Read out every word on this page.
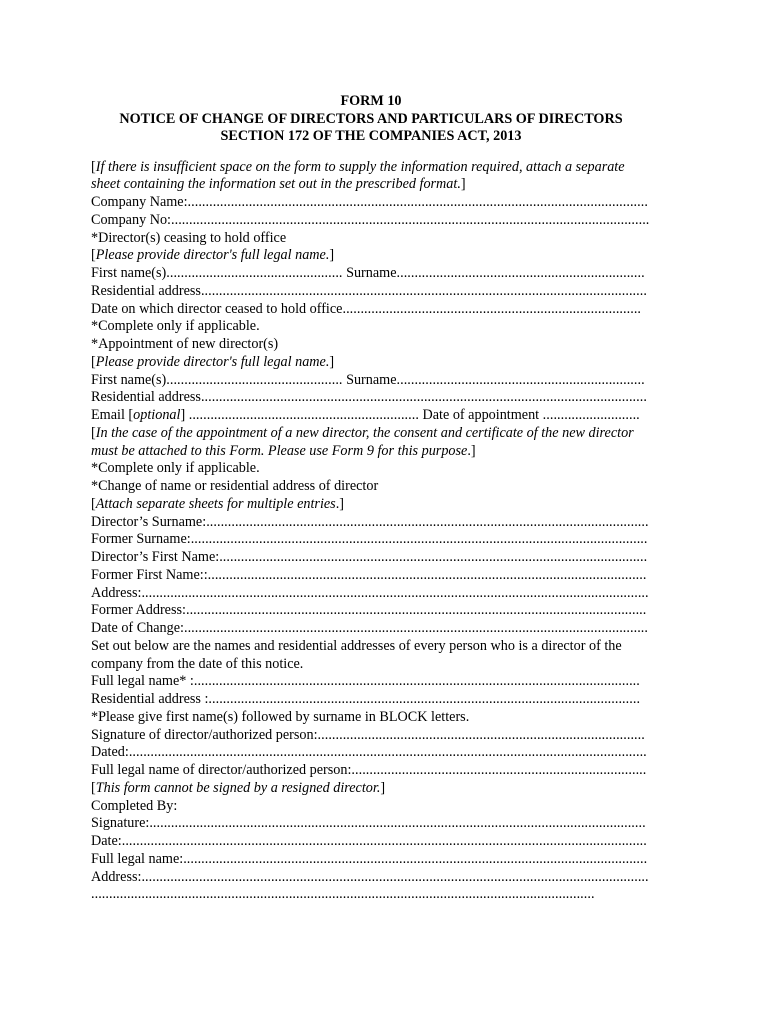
FORM 10
NOTICE OF CHANGE OF DIRECTORS AND PARTICULARS OF DIRECTORS
SECTION 172 OF THE COMPANIES ACT, 2013
[If there is insufficient space on the form to supply the information required, attach a separate sheet containing the information set out in the prescribed format.]
Company Name:................................................................................................................................
Company No:.....................................................................................................................................
*Director(s) ceasing to hold office
[Please provide director's full legal name.]
First name(s)................................................. Surname.....................................................................
Residential address............................................................................................................................
Date on which director ceased to hold office...................................................................................
*Complete only if applicable.
*Appointment of new director(s)
[Please provide director's full legal name.]
First name(s)................................................. Surname.....................................................................
Residential address............................................................................................................................
Email [optional] ................................................................ Date of appointment ...........................
[In the case of the appointment of a new director, the consent and certificate of the new director must be attached to this Form. Please use Form 9 for this purpose.]
*Complete only if applicable.
*Change of name or residential address of director
[Attach separate sheets for multiple entries.]
Director’s Surname:...........................................................................................................................
Former Surname:...............................................................................................................................
Director’s First Name:.......................................................................................................................
Former First Name::..........................................................................................................................
Address:.............................................................................................................................................
Former Address:................................................................................................................................
Date of Change:.................................................................................................................................
Set out below are the names and residential addresses of every person who is a director of the company from the date of this notice.
Full legal name* :............................................................................................................................
Residential address :........................................................................................................................
*Please give first name(s) followed by surname in BLOCK letters.
Signature of director/authorized person:...........................................................................................
Dated:................................................................................................................................................
Full legal name of director/authorized person:..................................................................................
[This form cannot be signed by a resigned director.]
Completed By:
Signature:..........................................................................................................................................
Date:..................................................................................................................................................
Full legal name:.................................................................................................................................
Address:.............................................................................................................................................
............................................................................................................................................
